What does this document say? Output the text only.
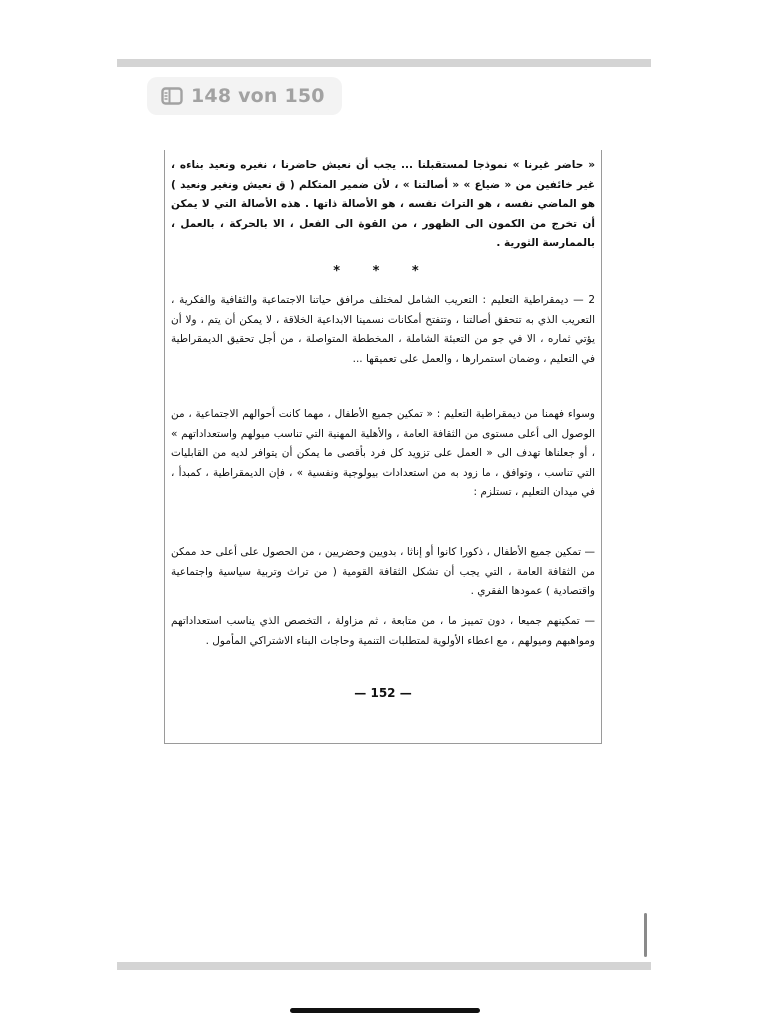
148 von 150
« حاضر غيرنا » نموذجا لمستقبلنا ... يجب أن نعيش حاضرنا ، نغيره ونعيد بناءه ، غير خائفين من « ضياع » « أصالتنا » ، لأن ضمير المتكلم ( ق نعيش ونغير ونعيد ) هو الماضي نفسه ، هو التراث نفسه ، هو الأصالة ذاتها . هذه الأصالة التي لا يمكن أن تخرج من الكمون الى الظهور ، من القوة الى الفعل ، الا بالحركة ، بالعمل ، بالممارسة الثورية .
* * *
2 — ديمقراطية التعليم : التعريب الشامل لمختلف مرافق حياتنا الاجتماعية والثقافية والفكرية ، التعريب الذي به تتحقق أصالتنا ، وتتفتح أمكانات نسمينا الابداعية الخلاقة ، لا يمكن أن يتم ، ولا أن يؤتي ثماره ، الا في جو من التعبئة الشاملة ، المخططة المتواصلة ، من أجل تحقيق الديمقراطية في التعليم ، وضمان استمرارها ، والعمل على تعميقها ...
وسواء فهمنا من ديمقراطية التعليم : « تمكين جميع الأطفال ، مهما كانت أحوالهم الاجتماعية ، من الوصول الى أعلى مستوى من الثقافة العامة ، والأهلية المهنية التي تناسب ميولهم واستعداداتهم » ، أو جعلناها تهدف الى « العمل على تزويد كل فرد بأقصى ما يمكن أن يتوافر لديه من القابليات التي تناسب ، وتوافق ، ما زود به من استعدادات بيولوجية ونفسية » ، فإن الديمقراطية ، كمبدأ ، في ميدان التعليم ، تستلزم :
— تمكين جميع الأطفال ، ذكورا كانوا أو إناثا ، بدويين وحضريين ، من الحصول على أعلى حد ممكن من الثقافة العامة ، التي يجب أن تشكل الثقافة القومية ( من تراث وتربية سياسية واجتماعية واقتصادية ) عمودها الفقري .
— تمكينهم جميعا ، دون تمييز ما ، من متابعة ، ثم مزاولة ، التخصص الذي يناسب استعداداتهم ومواهبهم وميولهم ، مع اعطاء الأولوية لمتطلبات التنمية وحاجات البناء الاشتراكي المأمول .
— 152 —
